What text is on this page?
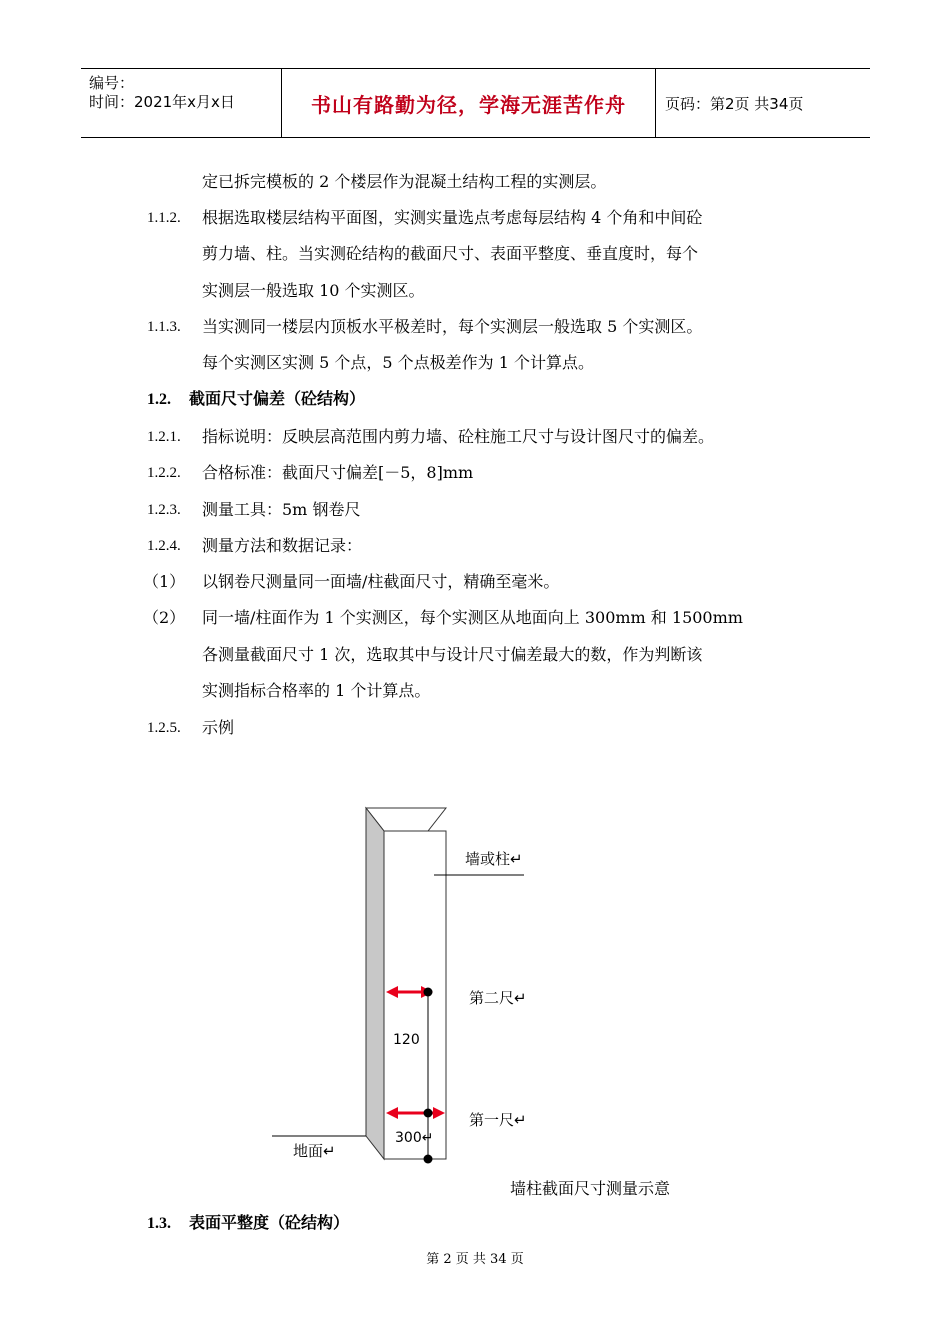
编号：
时间：2021年x月x日	书山有路勤为径，学海无涯苦作舟	页码：第2页 共34页
定已拆完模板的 2 个楼层作为混凝土结构工程的实测层。
1.1.2. 根据选取楼层结构平面图，实测实量选点考虑每层结构 4 个角和中间砼
剪力墙、柱。当实测砼结构的截面尺寸、表面平整度、垂直度时，每个
实测层一般选取 10 个实测区。
1.1.3. 当实测同一楼层内顶板水平极差时，每个实测层一般选取 5 个实测区。
每个实测区实测 5 个点，5 个点极差作为 1 个计算点。
1.2. 截面尺寸偏差（砼结构）
1.2.1. 指标说明：反映层高范围内剪力墙、砼柱施工尺寸与设计图尺寸的偏差。
1.2.2. 合格标准：截面尺寸偏差[－5，8]mm
1.2.3. 测量工具：5m 钢卷尺
1.2.4. 测量方法和数据记录：
（1） 以钢卷尺测量同一面墙/柱截面尺寸，精确至毫米。
（2） 同一墙/柱面作为 1 个实测区，每个实测区从地面向上 300mm 和 1500mm
各测量截面尺寸 1 次，选取其中与设计尺寸偏差最大的数，作为判断该
实测指标合格率的 1 个计算点。
1.2.5. 示例
墙或柱↵
第二尺↵
120
第一尺↵
300↵
地面↵
墙柱截面尺寸测量示意
1.3. 表面平整度（砼结构）
第 2 页 共 34 页
